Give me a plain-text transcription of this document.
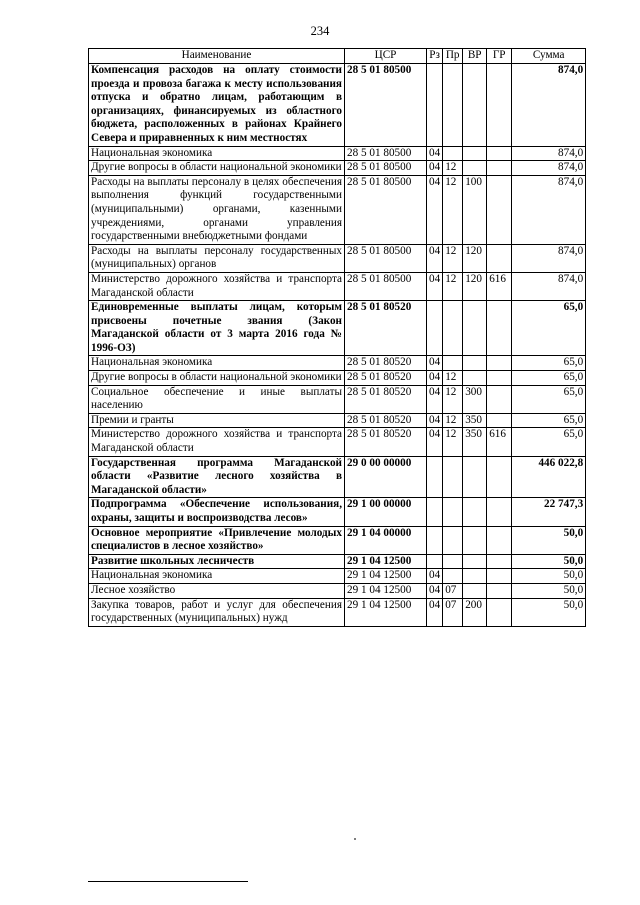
234
Наименование	ЦСР	Рз	Пр	ВР	ГР	Сумма
Компенсация расходов на оплату стоимости проезда и провоза багажа к месту использования отпуска и обратно лицам, работающим в организациях, финансируемых из областного бюджета, расположенных в районах Крайнего Севера и приравненных к ним местностях	28 5 01 80500					874,0
Национальная экономика	28 5 01 80500	04				874,0
Другие вопросы в области национальной экономики	28 5 01 80500	04	12			874,0
Расходы на выплаты персоналу в целях обеспечения выполнения функций государственными (муниципальными) органами, казенными учреждениями, органами управления государственными внебюджетными фондами	28 5 01 80500	04	12	100		874,0
Расходы на выплаты персоналу государственных (муниципальных) органов	28 5 01 80500	04	12	120		874,0
Министерство дорожного хозяйства и транспорта Магаданской области	28 5 01 80500	04	12	120	616	874,0
Единовременные выплаты лицам, которым присвоены почетные звания (Закон Магаданской области от 3 марта 2016 года № 1996-ОЗ)	28 5 01 80520					65,0
Национальная экономика	28 5 01 80520	04				65,0
Другие вопросы в области национальной экономики	28 5 01 80520	04	12			65,0
Социальное обеспечение и иные выплаты населению	28 5 01 80520	04	12	300		65,0
Премии и гранты	28 5 01 80520	04	12	350		65,0
Министерство дорожного хозяйства и транспорта Магаданской области	28 5 01 80520	04	12	350	616	65,0
Государственная программа Магаданской области «Развитие лесного хозяйства в Магаданской области»	29 0 00 00000					446 022,8
Подпрограмма «Обеспечение использования, охраны, защиты и воспроизводства лесов»	29 1 00 00000					22 747,3
Основное мероприятие «Привлечение молодых специалистов в лесное хозяйство»	29 1 04 00000					50,0
Развитие школьных лесничеств	29 1 04 12500					50,0
Национальная экономика	29 1 04 12500	04				50,0
Лесное хозяйство	29 1 04 12500	04	07			50,0
Закупка товаров, работ и услуг для обеспечения государственных (муниципальных) нужд	29 1 04 12500	04	07	200		50,0
